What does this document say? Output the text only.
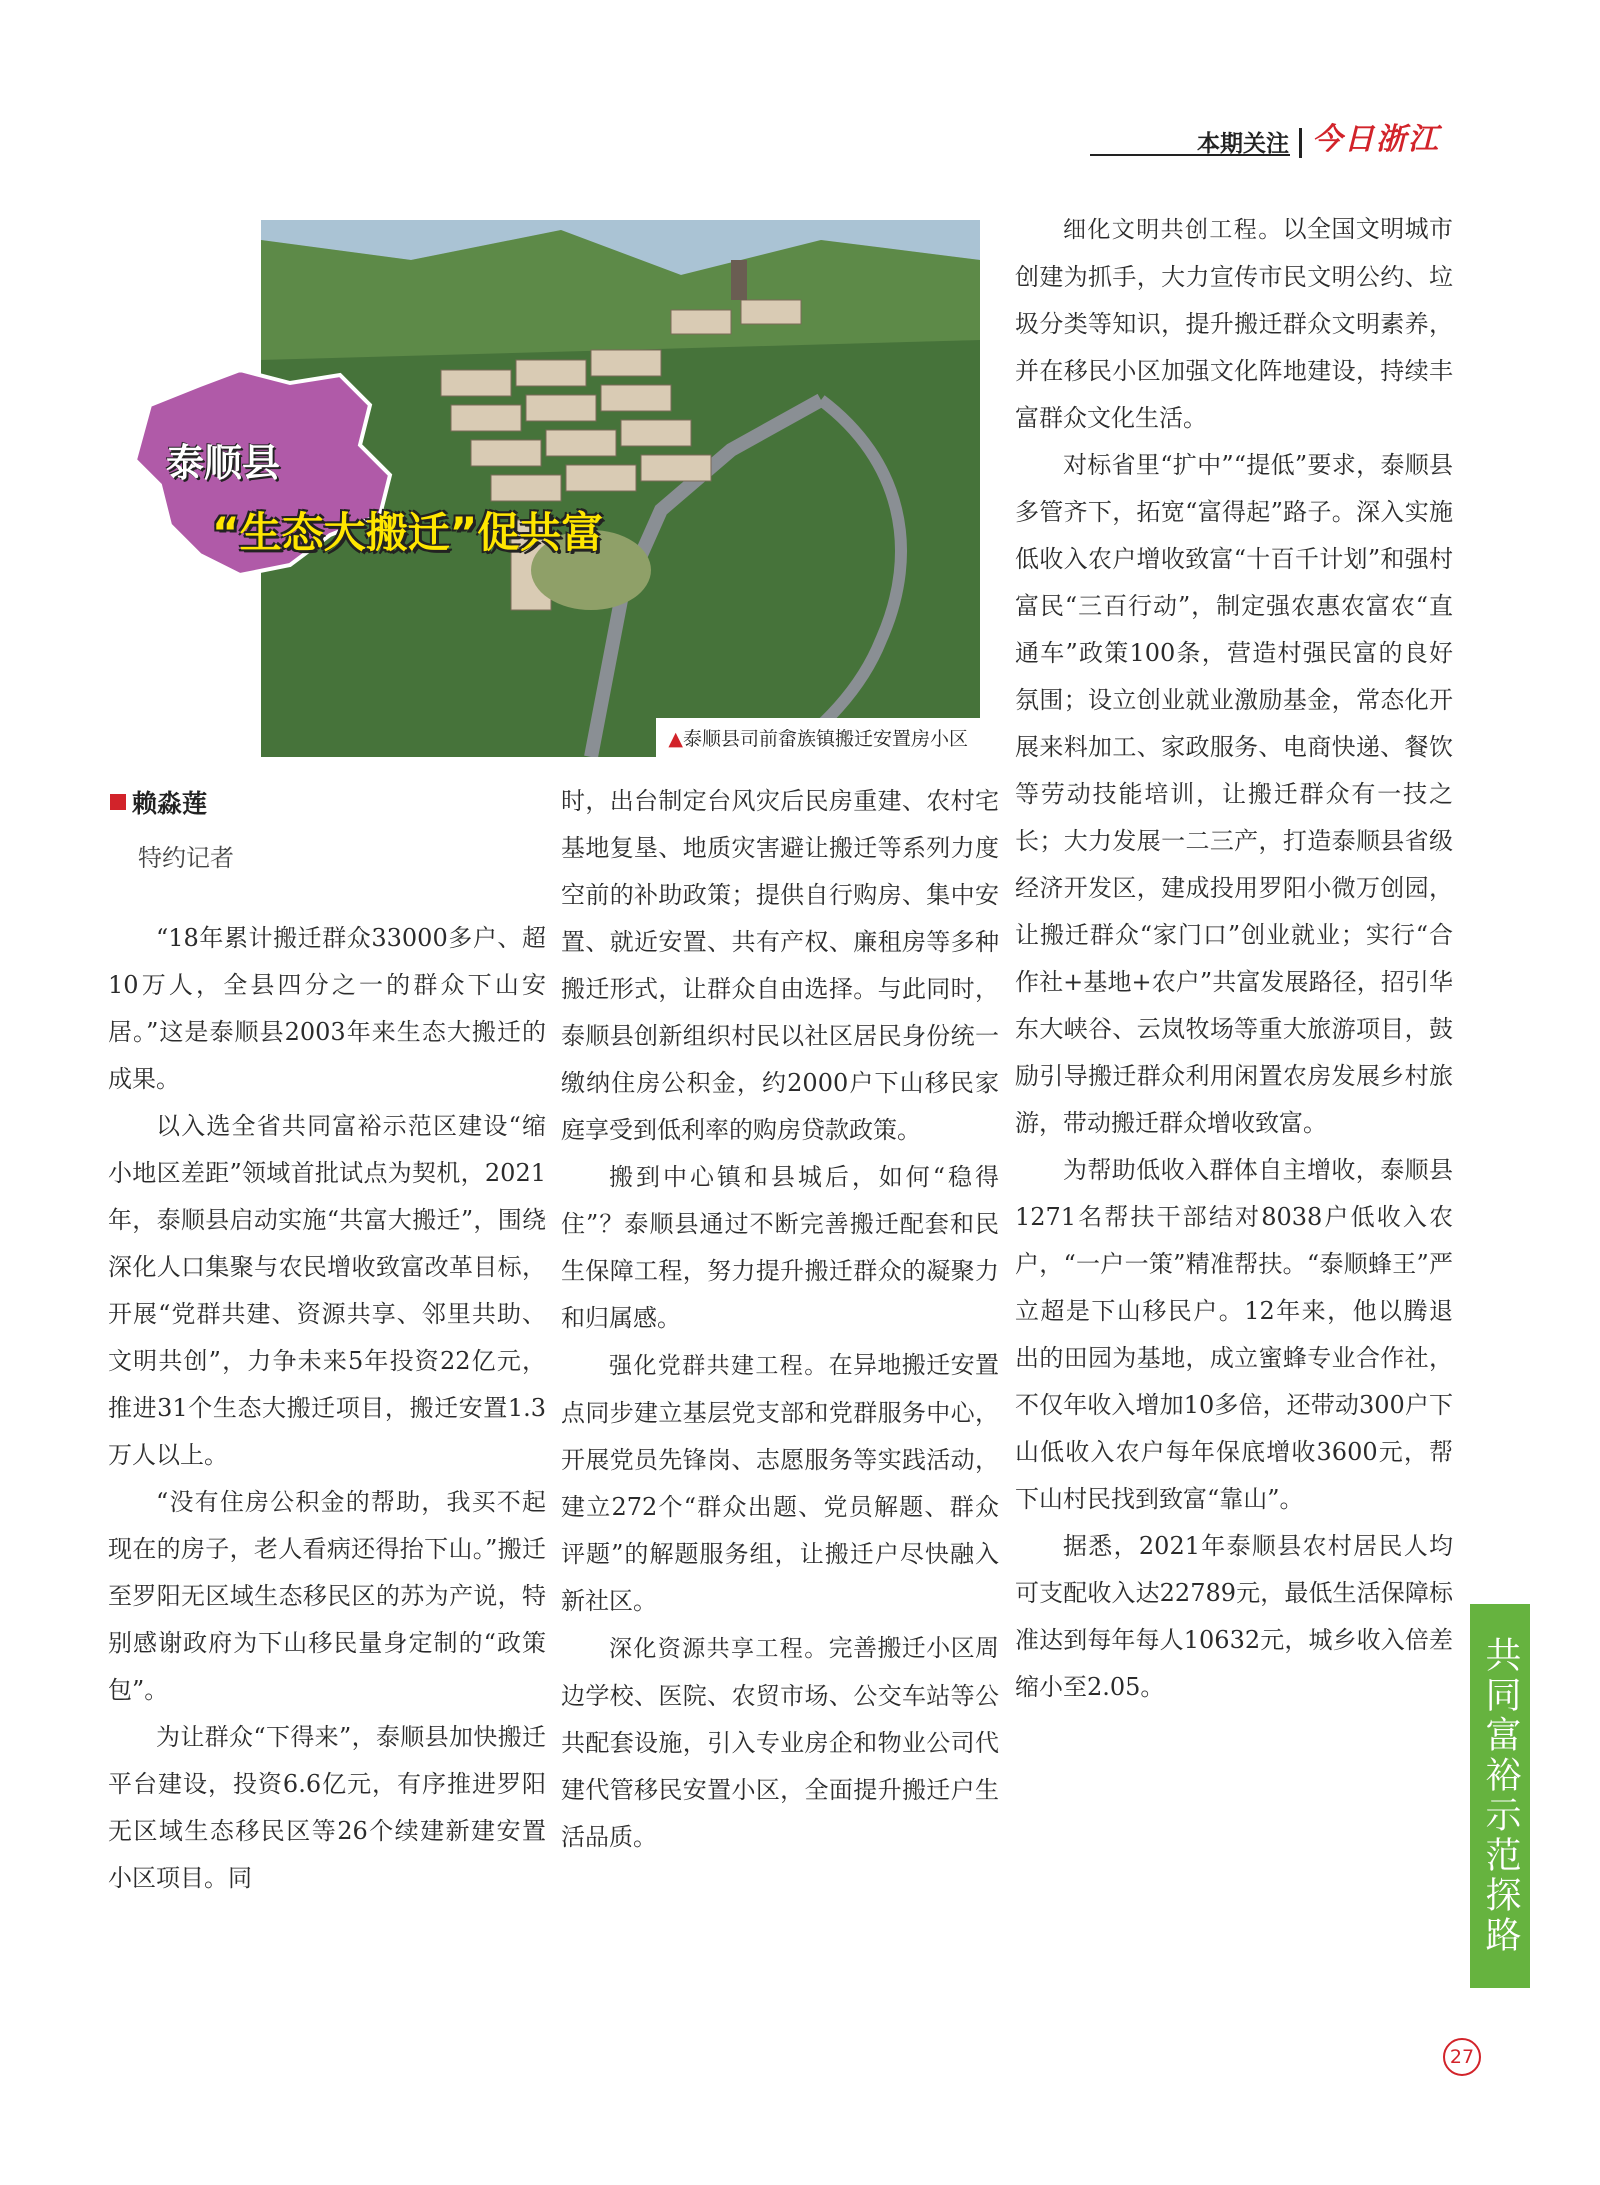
本期关注 今日浙江
▲泰顺县司前畲族镇搬迁安置房小区
泰顺县
“生态大搬迁”促共富
赖淼莲
特约记者

“18年累计搬迁群众33000多户、超10万人，全县四分之一的群众下山安居。”这是泰顺县2003年来生态大搬迁的成果。

以入选全省共同富裕示范区建设“缩小地区差距”领域首批试点为契机，2021年，泰顺县启动实施“共富大搬迁”，围绕深化人口集聚与农民增收致富改革目标，开展“党群共建、资源共享、邻里共助、文明共创”，力争未来5年投资22亿元，推进31个生态大搬迁项目，搬迁安置1.3万人以上。

“没有住房公积金的帮助，我买不起现在的房子，老人看病还得抬下山。”搬迁至罗阳无区域生态移民区的苏为产说，特别感谢政府为下山移民量身定制的“政策包”。

为让群众“下得来”，泰顺县加快搬迁平台建设，投资6.6亿元，有序推进罗阳无区域生态移民区等26个续建新建安置小区项目。同

时，出台制定台风灾后民房重建、农村宅基地复垦、地质灾害避让搬迁等系列力度空前的补助政策；提供自行购房、集中安置、就近安置、共有产权、廉租房等多种搬迁形式，让群众自由选择。与此同时，泰顺县创新组织村民以社区居民身份统一缴纳住房公积金，约2000户下山移民家庭享受到低利率的购房贷款政策。

搬到中心镇和县城后，如何“稳得住”？泰顺县通过不断完善搬迁配套和民生保障工程，努力提升搬迁群众的凝聚力和归属感。

强化党群共建工程。在异地搬迁安置点同步建立基层党支部和党群服务中心，开展党员先锋岗、志愿服务等实践活动，建立272个“群众出题、党员解题、群众评题”的解题服务组，让搬迁户尽快融入新社区。

深化资源共享工程。完善搬迁小区周边学校、医院、农贸市场、公交车站等公共配套设施，引入专业房企和物业公司代建代管移民安置小区，全面提升搬迁户生活品质。

细化文明共创工程。以全国文明城市创建为抓手，大力宣传市民文明公约、垃圾分类等知识，提升搬迁群众文明素养，并在移民小区加强文化阵地建设，持续丰富群众文化生活。

对标省里“扩中”“提低”要求，泰顺县多管齐下，拓宽“富得起”路子。深入实施低收入农户增收致富“十百千计划”和强村富民“三百行动”，制定强农惠农富农“直通车”政策100条，营造村强民富的良好氛围；设立创业就业激励基金，常态化开展来料加工、家政服务、电商快递、餐饮等劳动技能培训，让搬迁群众有一技之长；大力发展一二三产，打造泰顺县省级经济开发区，建成投用罗阳小微万创园，让搬迁群众“家门口”创业就业；实行“合作社+基地+农户”共富发展路径，招引华东大峡谷、云岚牧场等重大旅游项目，鼓励引导搬迁群众利用闲置农房发展乡村旅游，带动搬迁群众增收致富。

为帮助低收入群体自主增收，泰顺县1271名帮扶干部结对8038户低收入农户，“一户一策”精准帮扶。“泰顺蜂王”严立超是下山移民户。12年来，他以腾退出的田园为基地，成立蜜蜂专业合作社，不仅年收入增加10多倍，还带动300户下山低收入农户每年保底增收3600元，帮下山村民找到致富“靠山”。

据悉，2021年泰顺县农村居民人均可支配收入达22789元，最低生活保障标准达到每年每人10632元，城乡收入倍差缩小至2.05。	共同富裕示范探路
27
